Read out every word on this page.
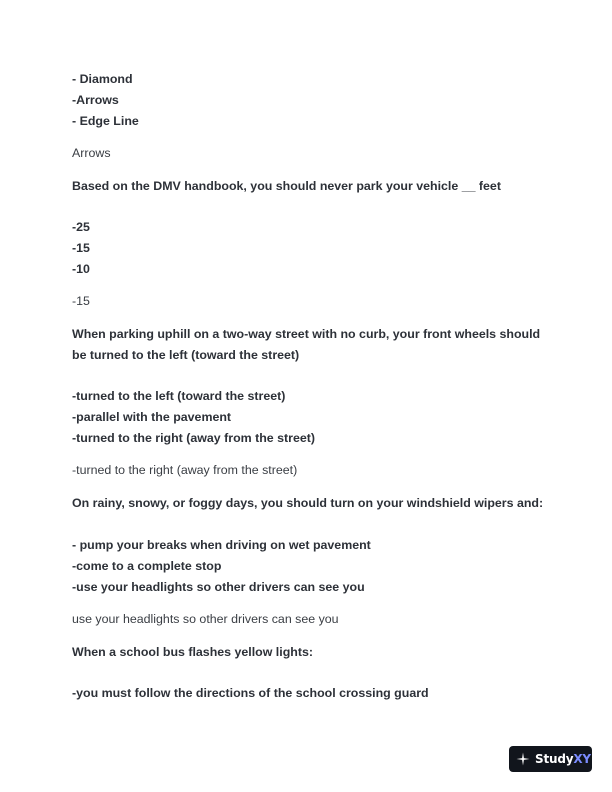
- Diamond
-Arrows
- Edge Line
Arrows
Based on the DMV handbook, you should never park your vehicle __ feet
-25
-15
-10
-15
When parking uphill on a two-way street with no curb, your front wheels should
be turned to the left (toward the street)
-turned to the left (toward the street)
-parallel with the pavement
-turned to the right (away from the street)
-turned to the right (away from the street)
On rainy, snowy, or foggy days, you should turn on your windshield wipers and:
- pump your breaks when driving on wet pavement
-come to a complete stop
-use your headlights so other drivers can see you
use your headlights so other drivers can see you
When a school bus flashes yellow lights:
-you must follow the directions of the school crossing guard
StudyXY
